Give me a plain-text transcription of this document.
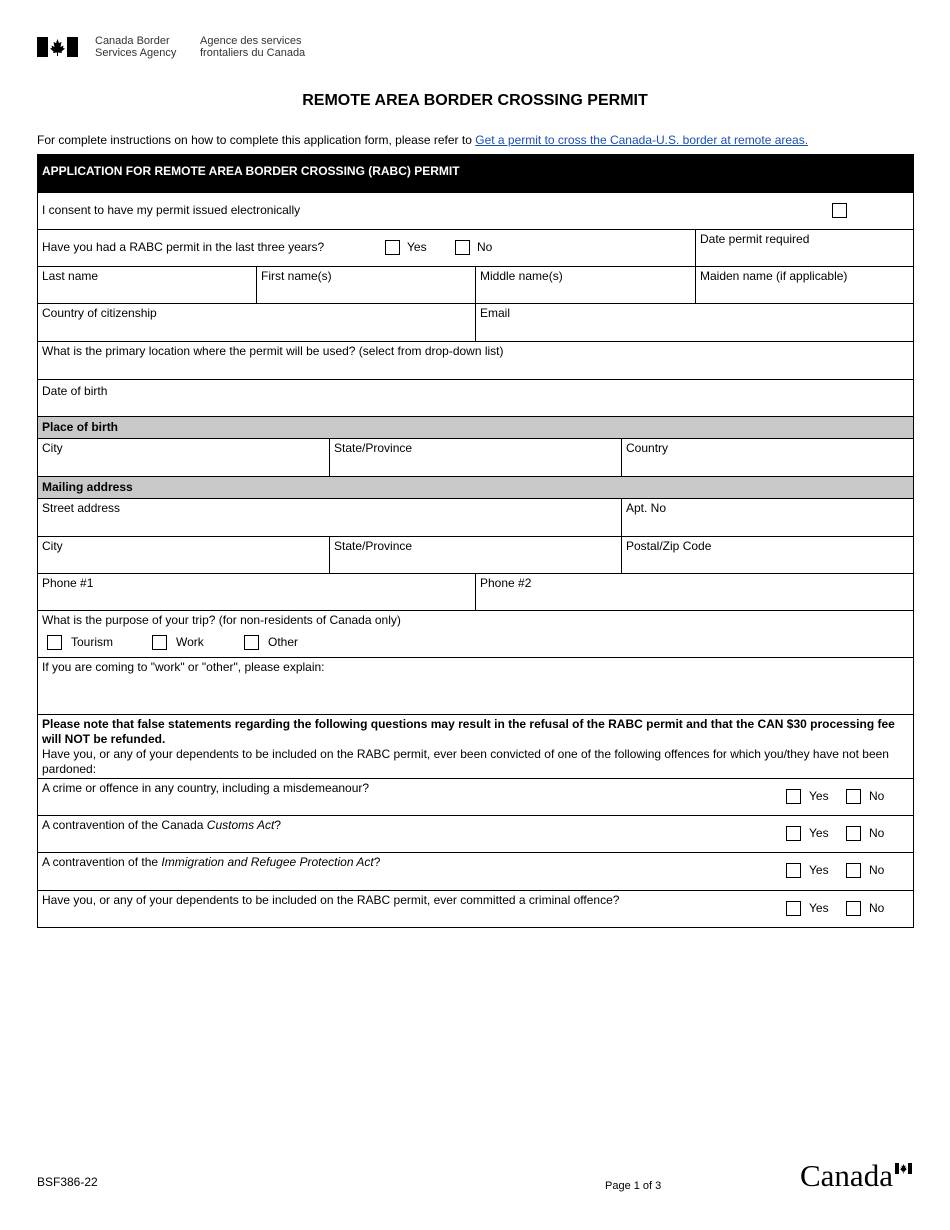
Canada Border
Services Agency
Agence des services
frontaliers du Canada
REMOTE AREA BORDER CROSSING PERMIT
For complete instructions on how to complete this application form, please refer to Get a permit to cross the Canada-U.S. border at remote areas.
APPLICATION FOR REMOTE AREA BORDER CROSSING (RABC) PERMIT
I consent to have my permit issued electronically
Have you had a RABC permit in the last three years?	Yes	No
Date permit required
Last name	First name(s)	Middle name(s)	Maiden name (if applicable)
Country of citizenship	Email
What is the primary location where the permit will be used? (select from drop-down list)
Date of birth
Place of birth
City	State/Province	Country
Mailing address
Street address	Apt. No
City	State/Province	Postal/Zip Code
Phone #1	Phone #2
What is the purpose of your trip? (for non-residents of Canada only)
Tourism	Work	Other
If you are coming to "work" or "other", please explain:
Please note that false statements regarding the following questions may result in the refusal of the RABC permit and that the CAN $30 processing fee will NOT be refunded.
Have you, or any of your dependents to be included on the RABC permit, ever been convicted of one of the following offences for which you/they have not been pardoned:
A crime or offence in any country, including a misdemeanour?
Yes	No
A contravention of the Canada Customs Act?
Yes	No
A contravention of the Immigration and Refugee Protection Act?
Yes	No
Have you, or any of your dependents to be included on the RABC permit, ever committed a criminal offence?
Yes	No
BSF386-22	Page 1 of 3	Canada
